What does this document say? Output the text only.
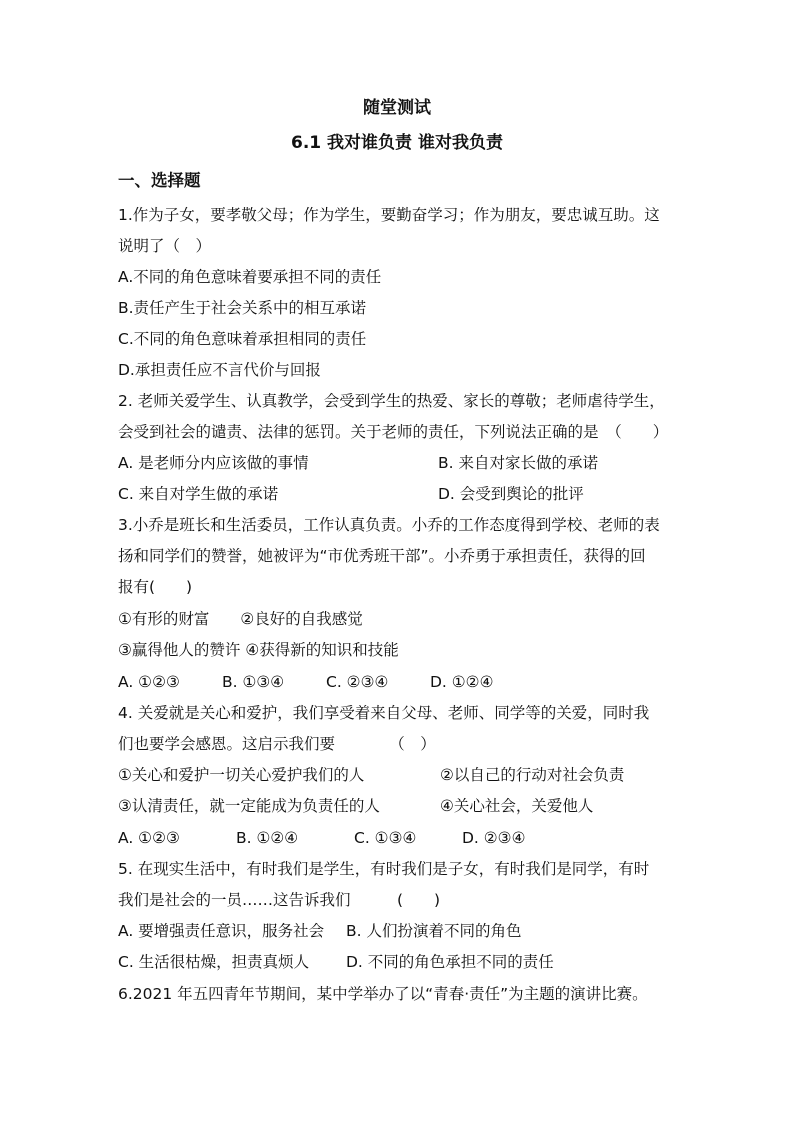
随堂测试
6.1 我对谁负责 谁对我负责
一、选择题
1.作为子女，要孝敬父母；作为学生，要勤奋学习；作为朋友，要忠诚互助。这
说明了（　）
A.不同的角色意味着要承担不同的责任
B.责任产生于社会关系中的相互承诺
C.不同的角色意味着承担相同的责任
D.承担责任应不言代价与回报
2. 老师关爱学生、认真教学，会受到学生的热爱、家长的尊敬；老师虐待学生，
会受到社会的谴责、法律的惩罚。关于老师的责任，下列说法正确的是　（　　）
A. 是老师分内应该做的事情	B. 来自对家长做的承诺
C. 来自对学生做的承诺	D. 会受到舆论的批评
3.小乔是班长和生活委员，工作认真负责。小乔的工作态度得到学校、老师的表
扬和同学们的赞誉，她被评为“市优秀班干部”。小乔勇于承担责任，获得的回
报有(　　)
①有形的财富　　②良好的自我感觉
③赢得他人的赞许 ④获得新的知识和技能
A. ①②③	B. ①③④	C. ②③④	D. ①②④
4. 关爱就是关心和爱护，我们享受着来自父母、老师、同学等的关爱，同时我
们也要学会感恩。这启示我们要　　　　（　）
①关心和爱护一切关心爱护我们的人	②以自己的行动对社会负责
③认清责任，就一定能成为负责任的人	④关心社会，关爱他人
A. ①②③	B. ①②④	C. ①③④	D. ②③④
5. 在现实生活中，有时我们是学生，有时我们是子女，有时我们是同学，有时
我们是社会的一员……这告诉我们　　　(　　)
A. 要增强责任意识，服务社会 B. 人们扮演着不同的角色
C. 生活很枯燥，担责真烦人 D. 不同的角色承担不同的责任
6.2021 年五四青年节期间，某中学举办了以“青春·责任”为主题的演讲比赛。
